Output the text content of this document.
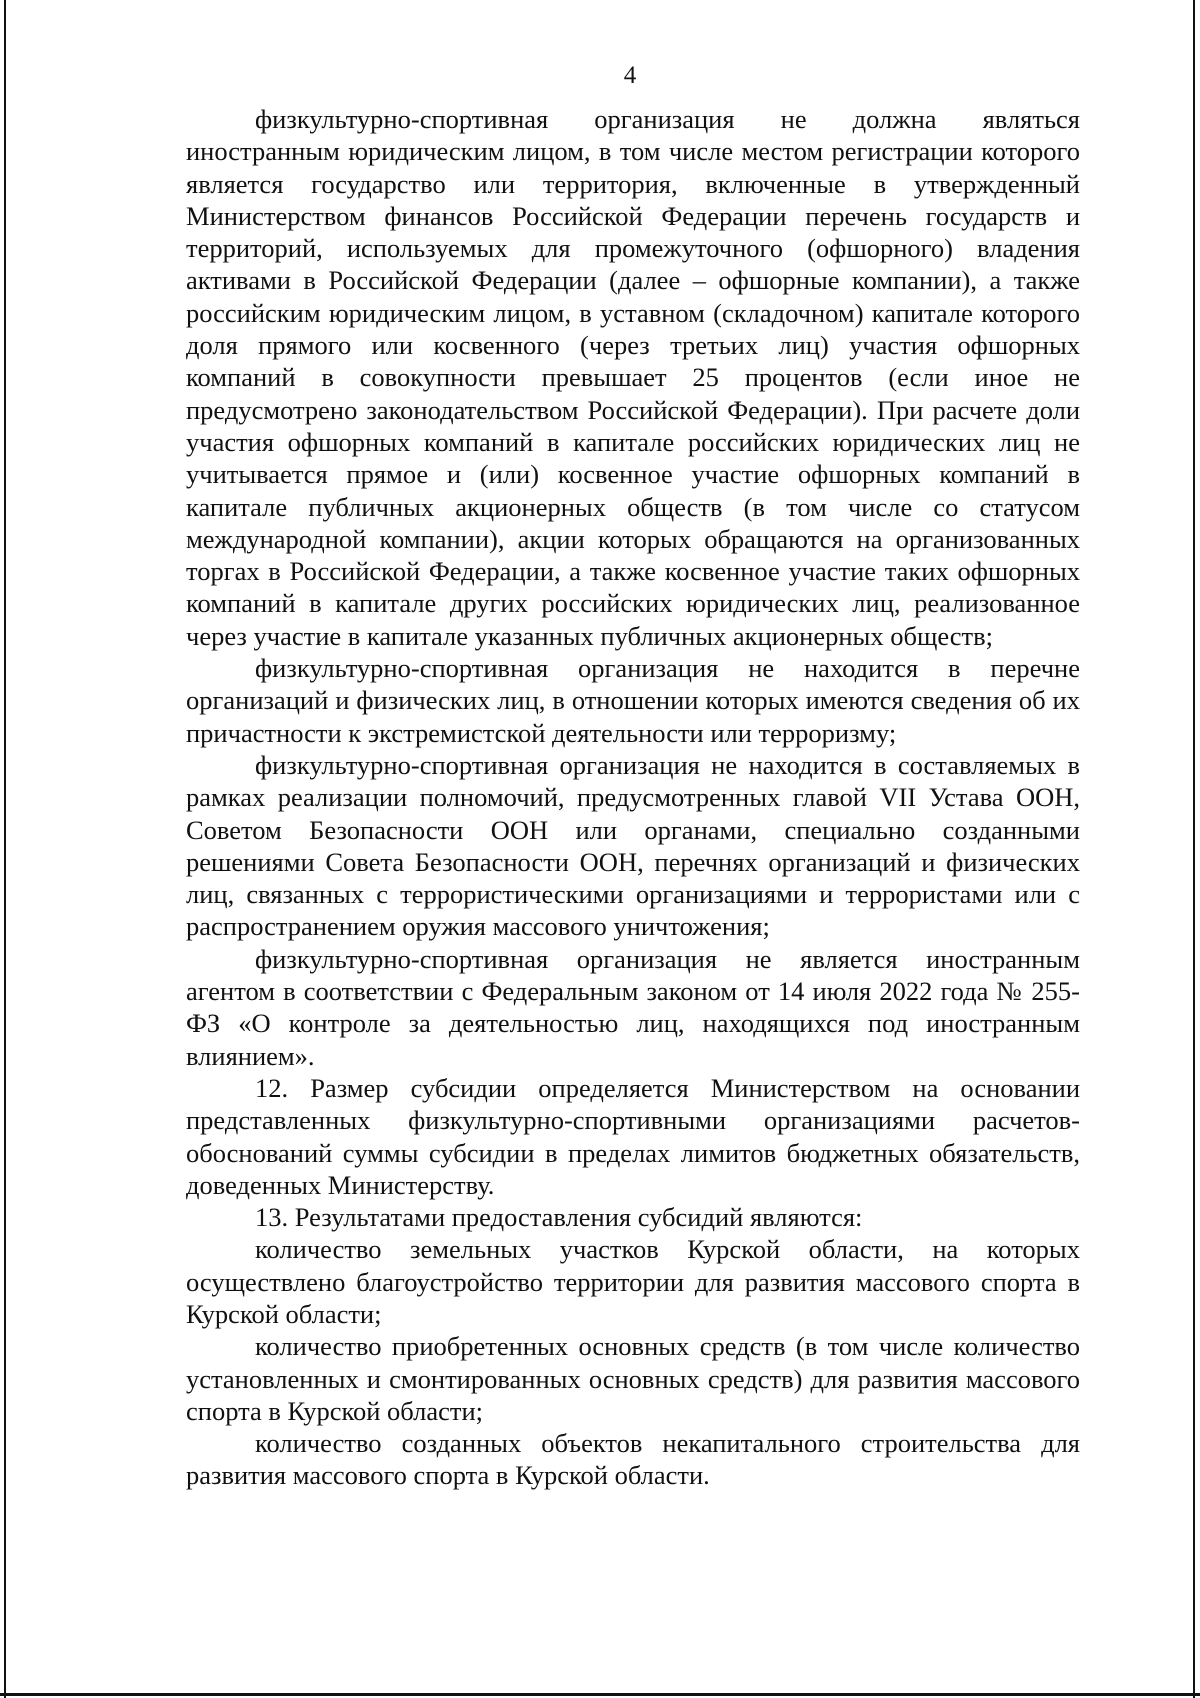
4

физкультурно-спортивная организация не должна являться иностранным юридическим лицом, в том числе местом регистрации которого является государство или территория, включенные в утвержденный Министерством финансов Российской Федерации перечень государств и территорий, используемых для промежуточного (офшорного) владения активами в Российской Федерации (далее – офшорные компании), а также российским юридическим лицом, в уставном (складочном) капитале которого доля прямого или косвенного (через третьих лиц) участия офшорных компаний в совокупности превышает 25 процентов (если иное не предусмотрено законодательством Российской Федерации). При расчете доли участия офшорных компаний в капитале российских юридических лиц не учитывается прямое и (или) косвенное участие офшорных компаний в капитале публичных акционерных обществ (в том числе со статусом международной компании), акции которых обращаются на организованных торгах в Российской Федерации, а также косвенное участие таких офшорных компаний в капитале других российских юридических лиц, реализованное через участие в капитале указанных публичных акционерных обществ;

физкультурно-спортивная организация не находится в перечне организаций и физических лиц, в отношении которых имеются сведения об их причастности к экстремистской деятельности или терроризму;

физкультурно-спортивная организация не находится в составляемых в рамках реализации полномочий, предусмотренных главой VII Устава ООН, Советом Безопасности ООН или органами, специально созданными решениями Совета Безопасности ООН, перечнях организаций и физических лиц, связанных с террористическими организациями и террористами или с распространением оружия массового уничтожения;

физкультурно-спортивная организация не является иностранным агентом в соответствии с Федеральным законом от 14 июля 2022 года № 255-ФЗ «О контроле за деятельностью лиц, находящихся под иностранным влиянием».

12. Размер субсидии определяется Министерством на основании представленных физкультурно-спортивными организациями расчетов-обоснований суммы субсидии в пределах лимитов бюджетных обязательств, доведенных Министерству.

13. Результатами предоставления субсидий являются:

количество земельных участков Курской области, на которых осуществлено благоустройство территории для развития массового спорта в Курской области;

количество приобретенных основных средств (в том числе количество установленных и смонтированных основных средств) для развития массового спорта в Курской области;

количество созданных объектов некапитального строительства для развития массового спорта в Курской области.
